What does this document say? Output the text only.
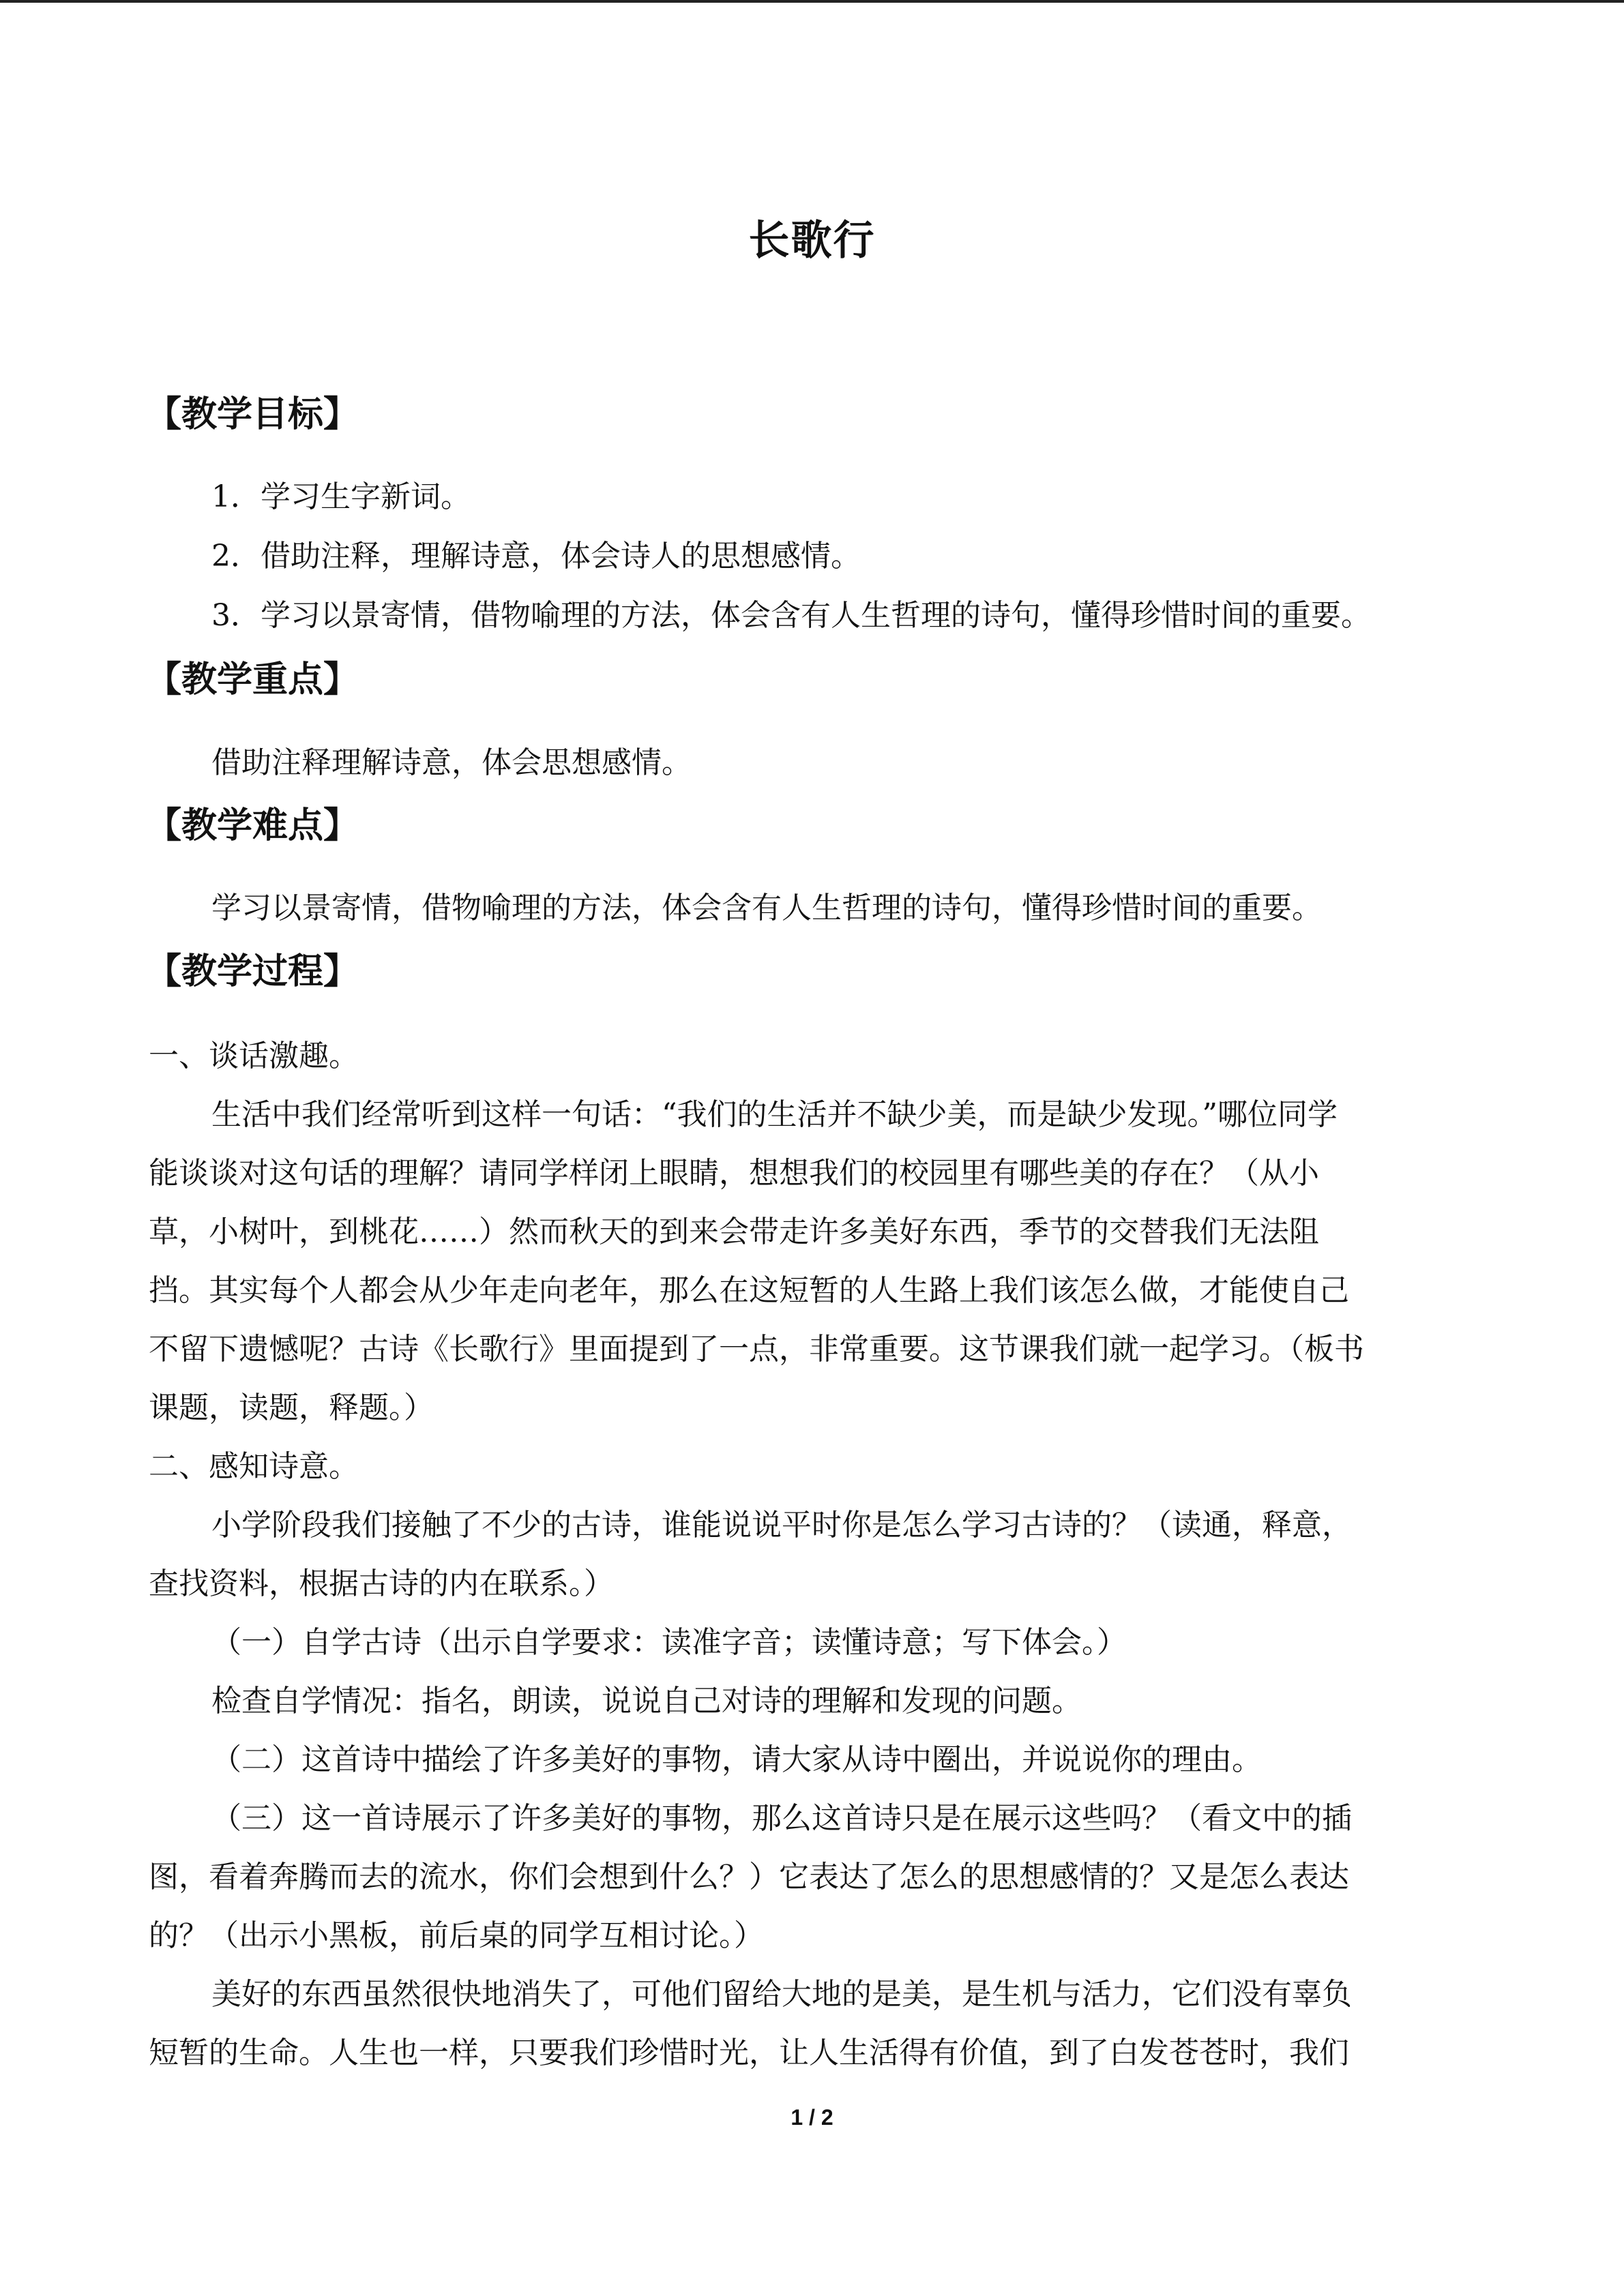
长歌行
【教学目标】
1．学习生字新词。
2．借助注释，理解诗意，体会诗人的思想感情。
3．学习以景寄情，借物喻理的方法，体会含有人生哲理的诗句，懂得珍惜时间的重要。
【教学重点】
借助注释理解诗意，体会思想感情。
【教学难点】
学习以景寄情，借物喻理的方法，体会含有人生哲理的诗句，懂得珍惜时间的重要。
【教学过程】
一、谈话激趣。
生活中我们经常听到这样一句话：“我们的生活并不缺少美，而是缺少发现。”哪位同学
能谈谈对这句话的理解？请同学样闭上眼睛，想想我们的校园里有哪些美的存在？（从小
草，小树叶，到桃花……）然而秋天的到来会带走许多美好东西，季节的交替我们无法阻
挡。其实每个人都会从少年走向老年，那么在这短暂的人生路上我们该怎么做，才能使自己
不留下遗憾呢？古诗《长歌行》里面提到了一点，非常重要。这节课我们就一起学习。（板书
课题，读题，释题。）
二、感知诗意。
小学阶段我们接触了不少的古诗，谁能说说平时你是怎么学习古诗的？（读通，释意，
查找资料，根据古诗的内在联系。）
（一）自学古诗（出示自学要求：读准字音；读懂诗意；写下体会。）
检查自学情况：指名，朗读，说说自己对诗的理解和发现的问题。
（二）这首诗中描绘了许多美好的事物，请大家从诗中圈出，并说说你的理由。
（三）这一首诗展示了许多美好的事物，那么这首诗只是在展示这些吗？（看文中的插
图，看着奔腾而去的流水，你们会想到什么？）它表达了怎么的思想感情的？又是怎么表达
的？（出示小黑板，前后桌的同学互相讨论。）
美好的东西虽然很快地消失了，可他们留给大地的是美，是生机与活力，它们没有辜负
短暂的生命。人生也一样，只要我们珍惜时光，让人生活得有价值，到了白发苍苍时，我们
1 / 2
